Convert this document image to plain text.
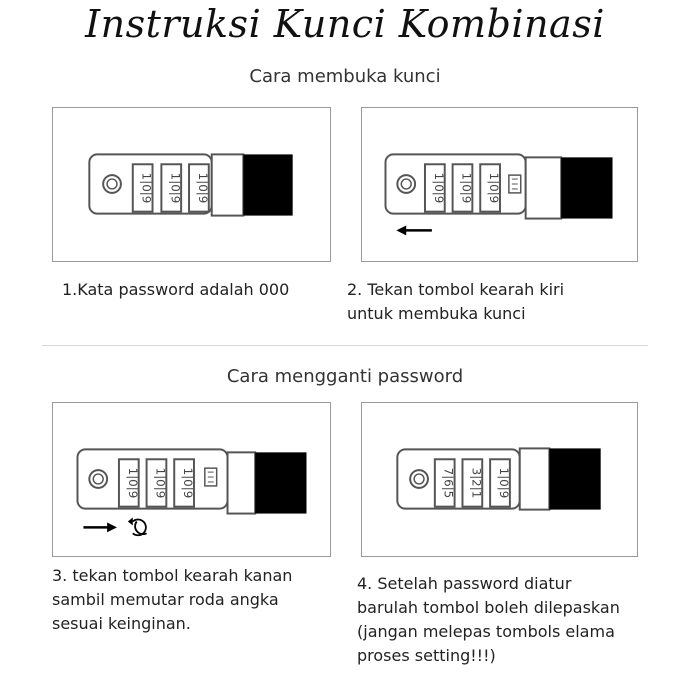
Instruksi Kunci Kombinasi
Cara membuka kunci
1|0|9 1|0|9 1|0|9	1|0|9 1|0|9 1|0|9
1.Kata password adalah 000	2. Tekan tombol kearah kiri
untuk membuka kunci
Cara mengganti password
1|0|9 1|0|9 1|0|9	7|6|5 3|2|1 1|0|9
3. tekan tombol kearah kanan
sambil memutar roda angka
sesuai keinginan.
4. Setelah password diatur
barulah tombol boleh dilepaskan
(jangan melepas tombols elama
proses setting!!!)
